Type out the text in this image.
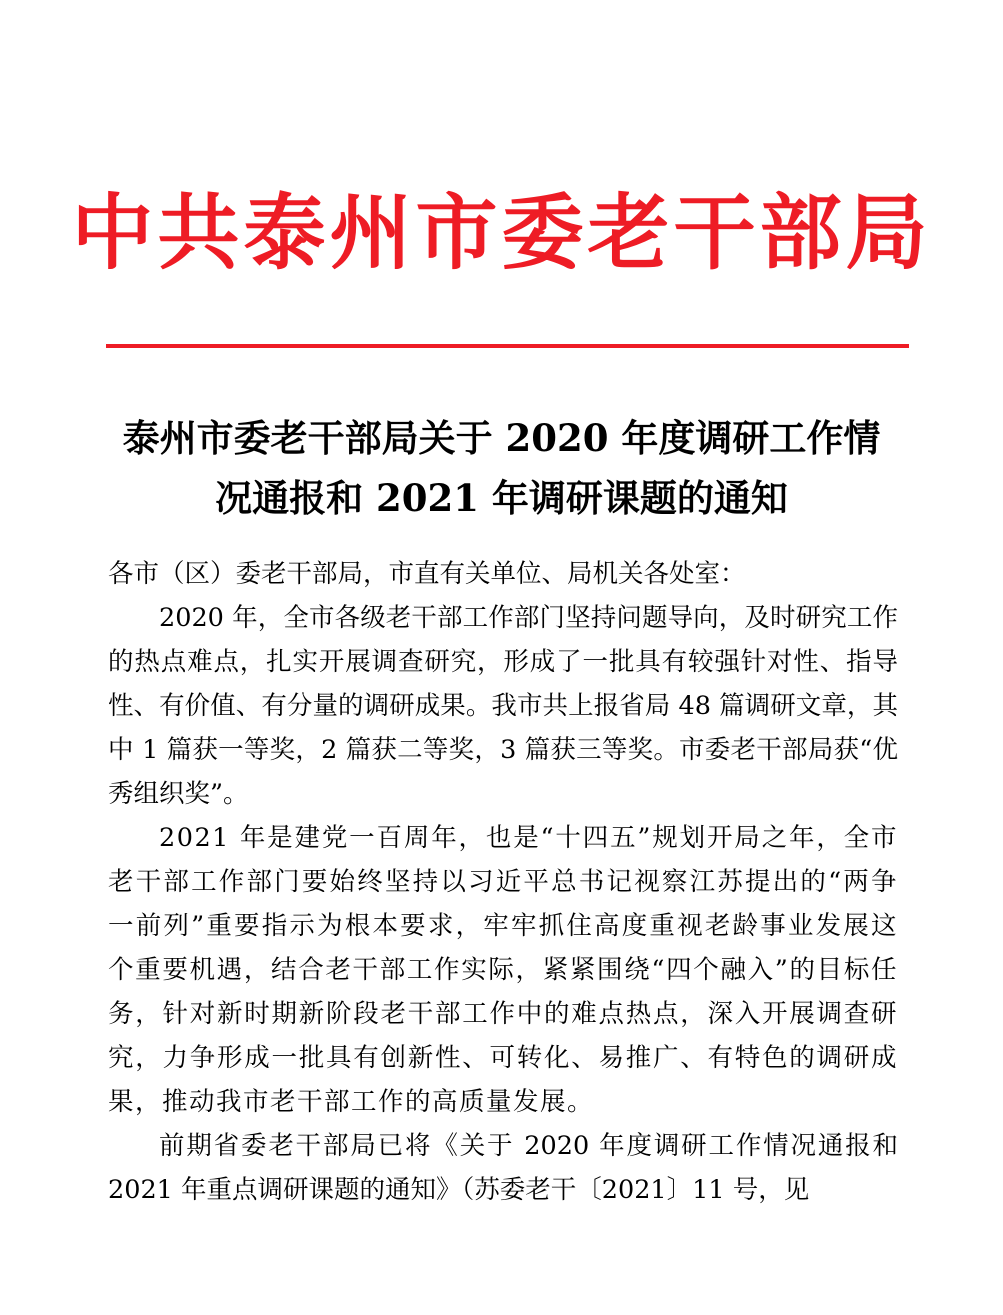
中共泰州市委老干部局
泰州市委老干部局关于 2020 年度调研工作情
况通报和 2021 年调研课题的通知

各市（区）委老干部局，市直有关单位、局机关各处室：

2020 年，全市各级老干部工作部门坚持问题导向，及时研究工作的热点难点，扎实开展调查研究，形成了一批具有较强针对性、指导性、有价值、有分量的调研成果。我市共上报省局 48 篇调研文章，其中 1 篇获一等奖，2 篇获二等奖，3 篇获三等奖。市委老干部局获“优秀组织奖”。

2021 年是建党一百周年，也是“十四五”规划开局之年，全市老干部工作部门要始终坚持以习近平总书记视察江苏提出的“两争一前列”重要指示为根本要求，牢牢抓住高度重视老龄事业发展这个重要机遇，结合老干部工作实际，紧紧围绕“四个融入”的目标任务，针对新时期新阶段老干部工作中的难点热点，深入开展调查研究，力争形成一批具有创新性、可转化、易推广、有特色的调研成果，推动我市老干部工作的高质量发展。

前期省委老干部局已将《关于 2020 年度调研工作情况通报和 2021 年重点调研课题的通知》（苏委老干〔2021〕11 号，见
